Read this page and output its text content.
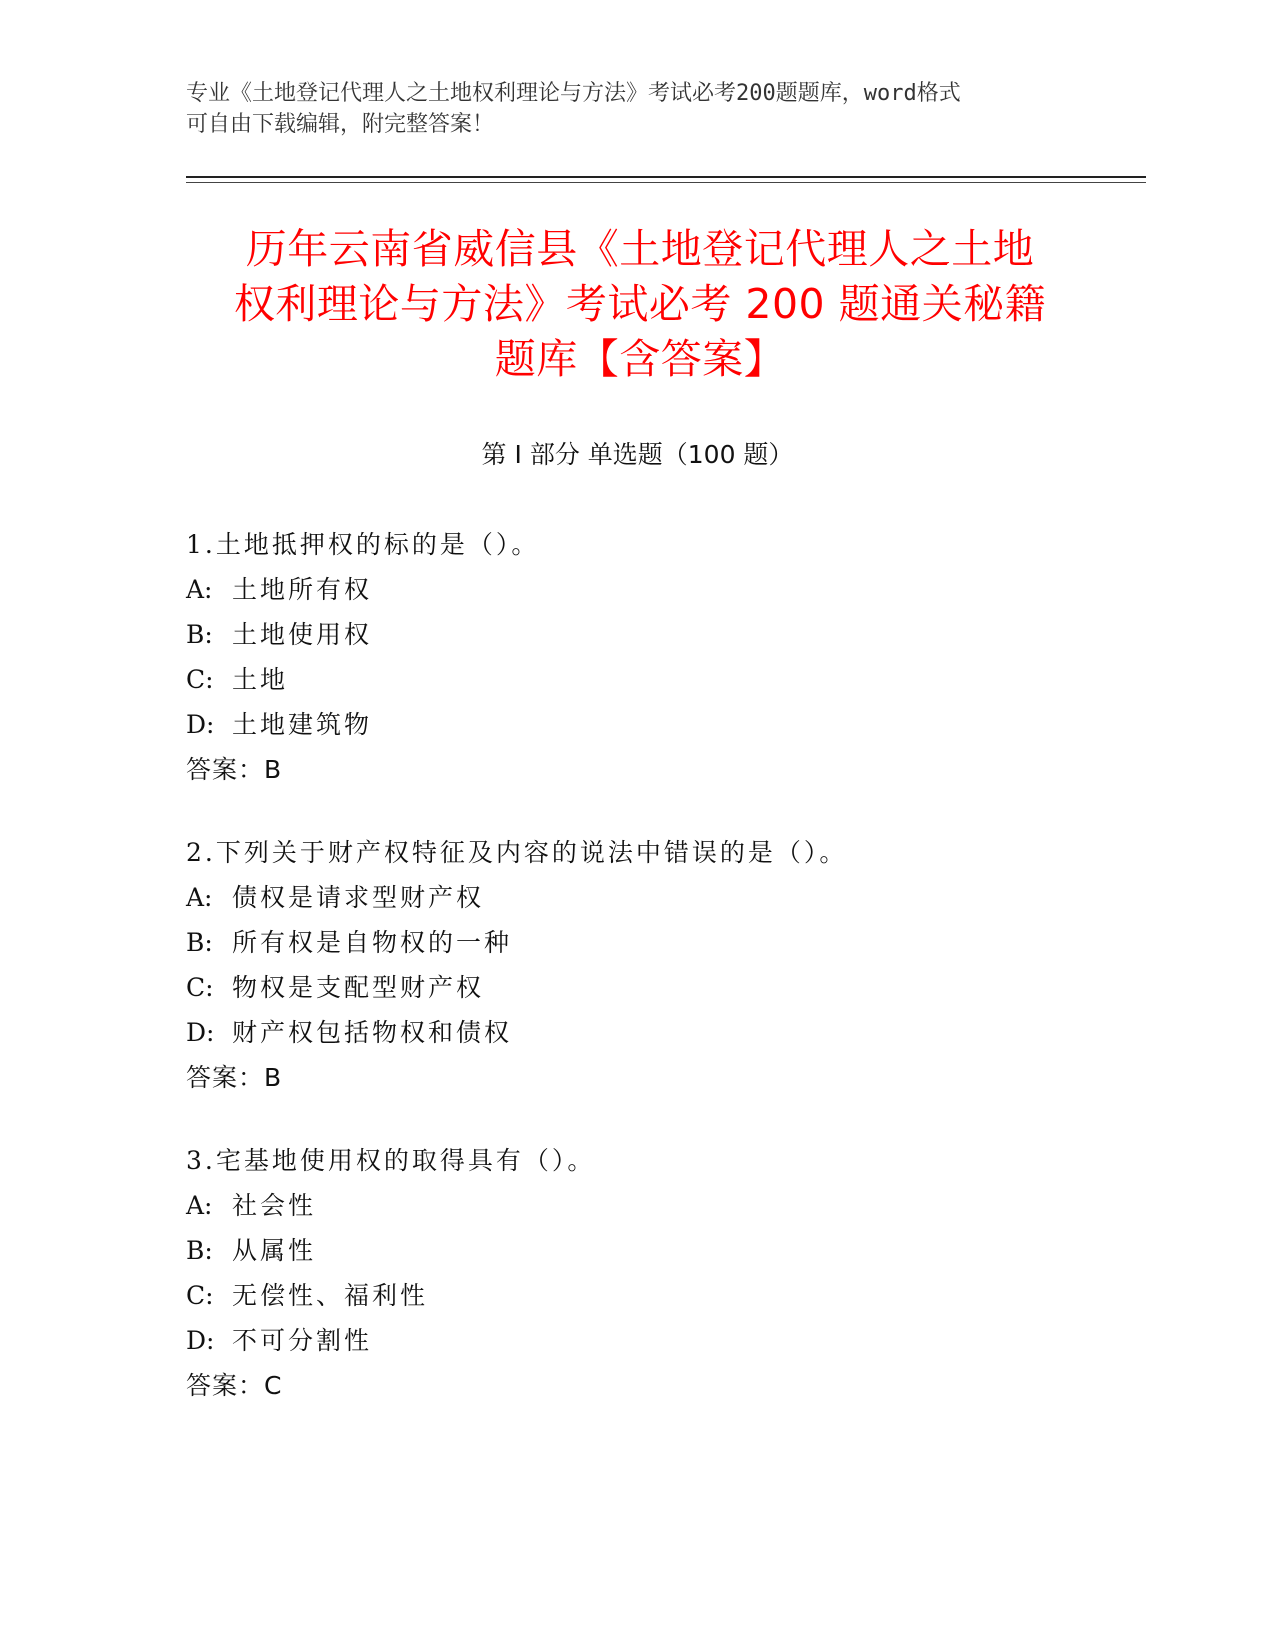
专业《土地登记代理人之土地权利理论与方法》考试必考200题题库，word格式
可自由下载编辑，附完整答案！
历年云南省威信县《土地登记代理人之土地
权利理论与方法》考试必考 200 题通关秘籍
题库【含答案】
第 I 部分 单选题（100 题）
1.土地抵押权的标的是（）。
A: 土地所有权
B: 土地使用权
C: 土地
D: 土地建筑物
答案：B
2.下列关于财产权特征及内容的说法中错误的是（）。
A: 债权是请求型财产权
B: 所有权是自物权的一种
C: 物权是支配型财产权
D: 财产权包括物权和债权
答案：B
3.宅基地使用权的取得具有（）。
A: 社会性
B: 从属性
C: 无偿性、福利性
D: 不可分割性
答案：C
